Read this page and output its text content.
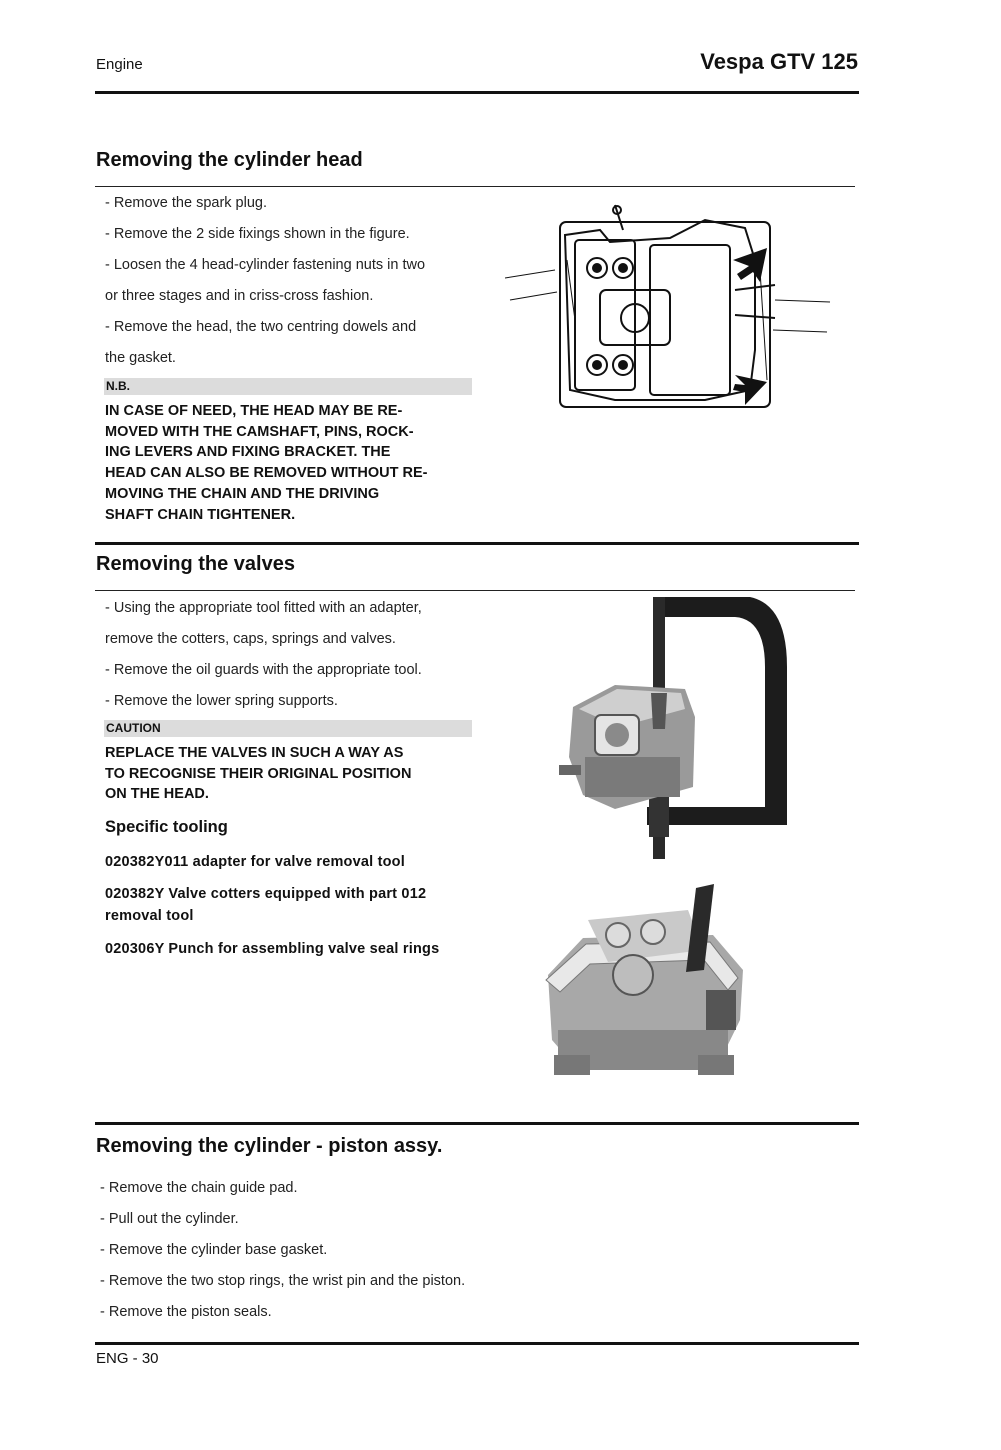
Engine	Vespa GTV 125
Removing the cylinder head
- Remove the spark plug.
- Remove the 2 side fixings shown in the figure.
- Loosen the 4 head-cylinder fastening nuts in two
or three stages and in criss-cross fashion.
- Remove the head, the two centring dowels and
the gasket.
N.B.
IN CASE OF NEED, THE HEAD MAY BE RE-
MOVED WITH THE CAMSHAFT, PINS, ROCK-
ING LEVERS AND FIXING BRACKET. THE
HEAD CAN ALSO BE REMOVED WITHOUT RE-
MOVING THE CHAIN AND THE DRIVING
SHAFT CHAIN TIGHTENER.
Removing the valves
- Using the appropriate tool fitted with an adapter,
remove the cotters, caps, springs and valves.
- Remove the oil guards with the appropriate tool.
- Remove the lower spring supports.
CAUTION
REPLACE THE VALVES IN SUCH A WAY AS
TO RECOGNISE THEIR ORIGINAL POSITION
ON THE HEAD.
Specific tooling
020382Y011 adapter for valve removal tool
020382Y Valve cotters equipped with part 012 removal tool
020306Y Punch for assembling valve seal rings
Removing the cylinder - piston assy.
- Remove the chain guide pad.
- Pull out the cylinder.
- Remove the cylinder base gasket.
- Remove the two stop rings, the wrist pin and the piston.
- Remove the piston seals.
ENG - 30
